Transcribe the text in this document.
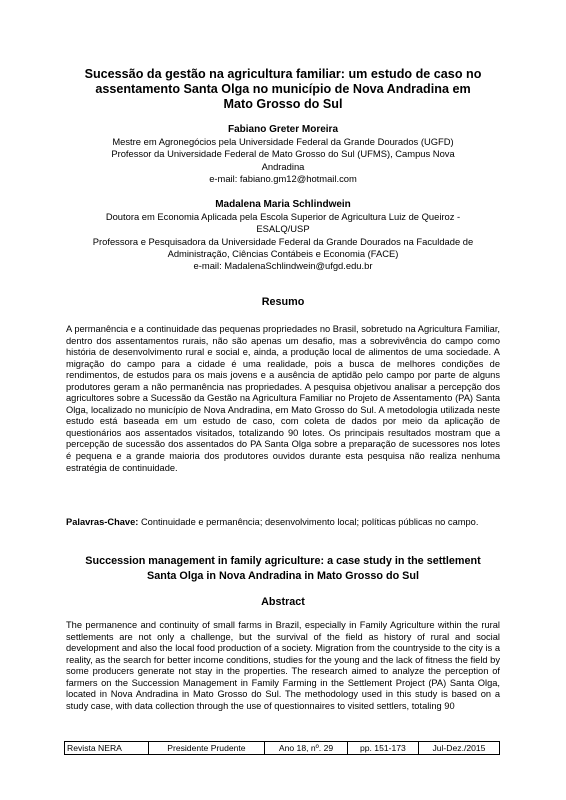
Sucessão da gestão na agricultura familiar: um estudo de caso no
assentamento Santa Olga no município de Nova Andradina em
Mato Grosso do Sul
Fabiano Greter Moreira
Mestre em Agronegócios pela Universidade Federal da Grande Dourados (UGFD)
Professor da Universidade Federal de Mato Grosso do Sul (UFMS), Campus Nova
Andradina
e-mail: fabiano.gm12@hotmail.com
Madalena Maria Schlindwein
Doutora em Economia Aplicada pela Escola Superior de Agricultura Luiz de Queiroz -
ESALQ/USP
Professora e Pesquisadora da Universidade Federal da Grande Dourados na Faculdade de
Administração, Ciências Contábeis e Economia (FACE)
e-mail: MadalenaSchlindwein@ufgd.edu.br
Resumo
A permanência e a continuidade das pequenas propriedades no Brasil, sobretudo na Agricultura Familiar, dentro dos assentamentos rurais, não são apenas um desafio, mas a sobrevivência do campo como história de desenvolvimento rural e social e, ainda, a produção local de alimentos de uma sociedade. A migração do campo para a cidade é uma realidade, pois a busca de melhores condições de rendimentos, de estudos para os mais jovens e a ausência de aptidão pelo campo por parte de alguns produtores geram a não permanência nas propriedades. A pesquisa objetivou analisar a percepção dos agricultores sobre a Sucessão da Gestão na Agricultura Familiar no Projeto de Assentamento (PA) Santa Olga, localizado no município de Nova Andradina, em Mato Grosso do Sul. A metodologia utilizada neste estudo está baseada em um estudo de caso, com coleta de dados por meio da aplicação de questionários aos assentados visitados, totalizando 90 lotes. Os principais resultados mostram que a percepção de sucessão dos assentados do PA Santa Olga sobre a preparação de sucessores nos lotes é pequena e a grande maioria dos produtores ouvidos durante esta pesquisa não realiza nenhuma estratégia de continuidade.
Palavras-Chave: Continuidade e permanência; desenvolvimento local; políticas públicas no campo.
Succession management in family agriculture: a case study in the settlement
Santa Olga in Nova Andradina in Mato Grosso do Sul
Abstract
The permanence and continuity of small farms in Brazil, especially in Family Agriculture within the rural settlements are not only a challenge, but the survival of the field as history of rural and social development and also the local food production of a society. Migration from the countryside to the city is a reality, as the search for better income conditions, studies for the young and the lack of fitness the field by some producers generate not stay in the properties. The research aimed to analyze the perception of farmers on the Succession Management in Family Farming in the Settlement Project (PA) Santa Olga, located in Nova Andradina in Mato Grosso do Sul. The methodology used in this study is based on a study case, with data collection through the use of questionnaires to visited settlers, totaling 90
Revista NERA	Presidente Prudente	Ano 18, nº. 29	pp. 151-173	Jul-Dez./2015
